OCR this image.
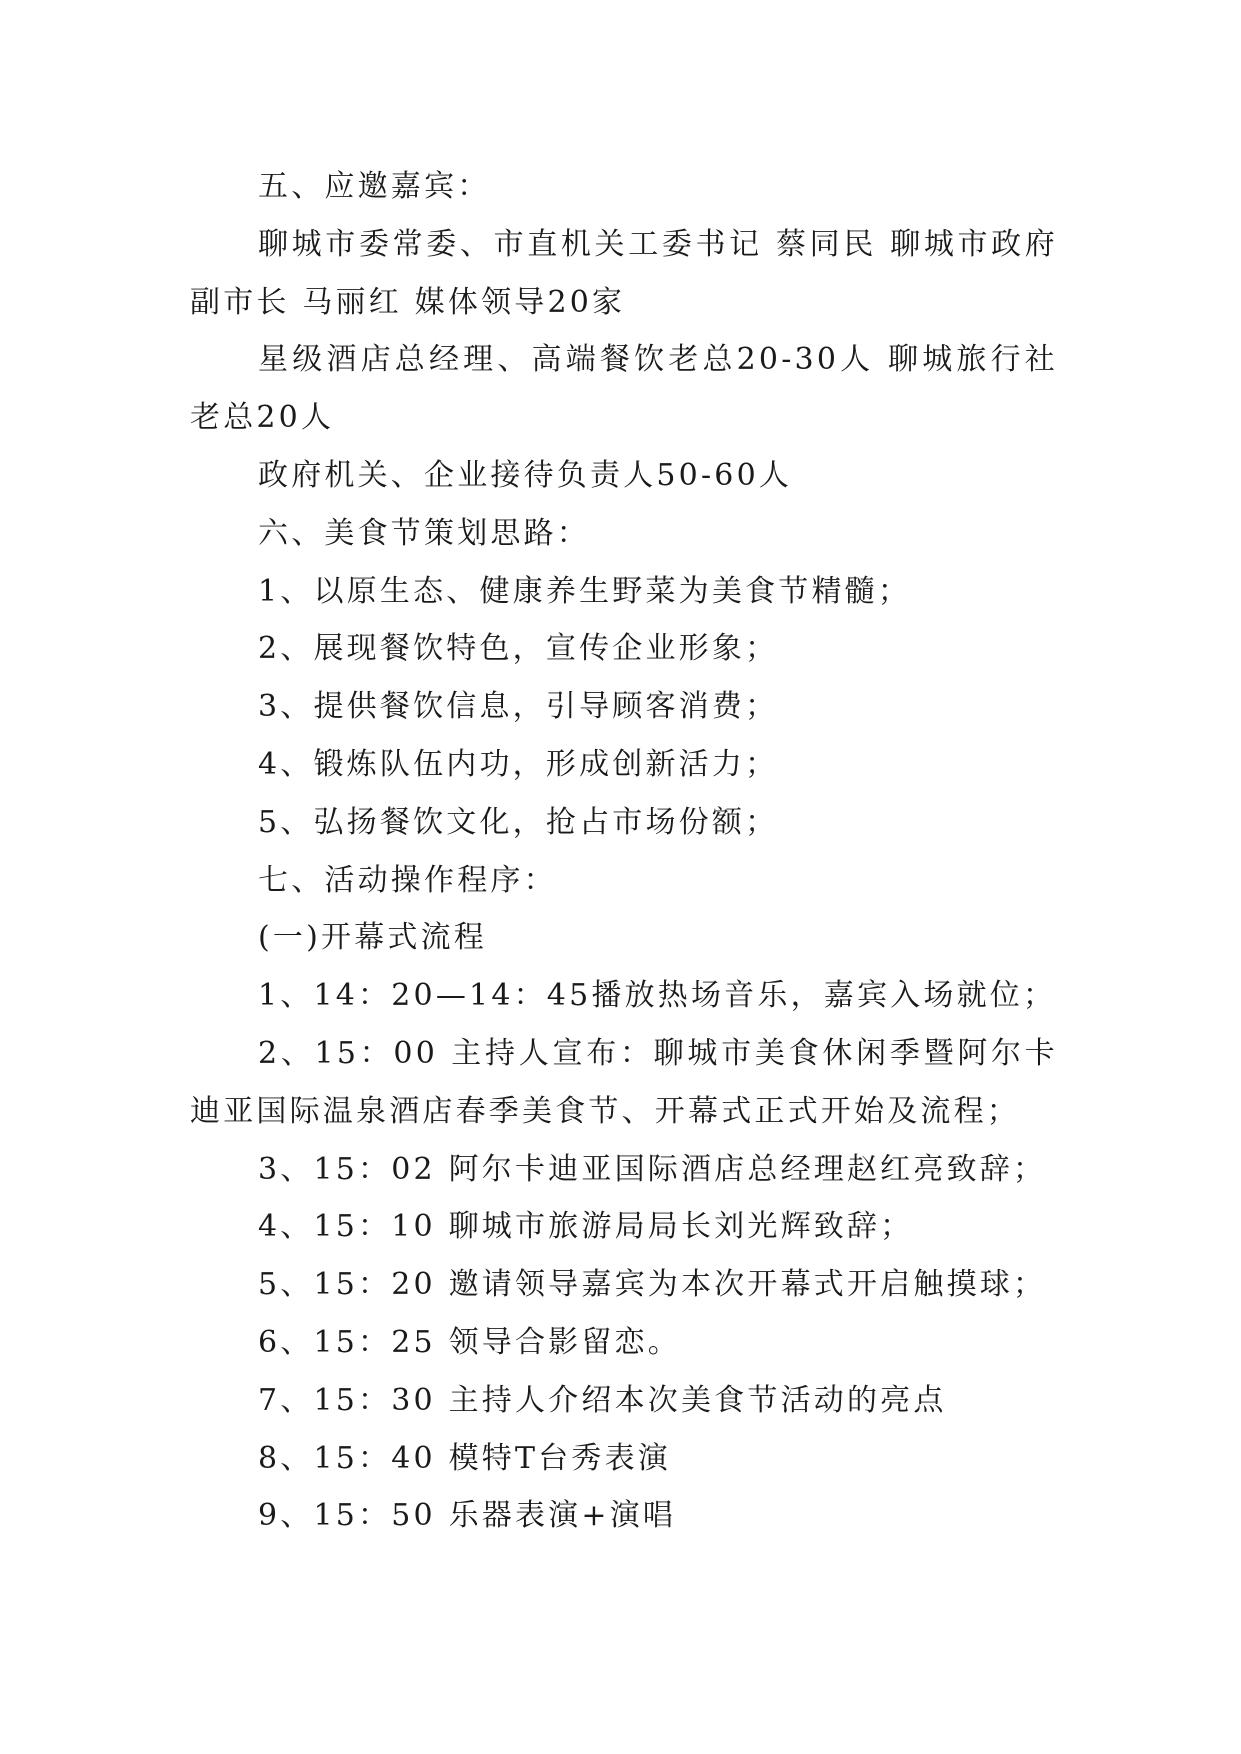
五、应邀嘉宾：

聊城市委常委、市直机关工委书记 蔡同民 聊城市政府副市长 马丽红 媒体领导20家

星级酒店总经理、高端餐饮老总20-30人 聊城旅行社老总20人

政府机关、企业接待负责人50-60人

六、美食节策划思路：

1、以原生态、健康养生野菜为美食节精髓；

2、展现餐饮特色，宣传企业形象；

3、提供餐饮信息，引导顾客消费；

4、锻炼队伍内功，形成创新活力；

5、弘扬餐饮文化，抢占市场份额；

七、活动操作程序：

(一)开幕式流程

1、14：20—14：45播放热场音乐，嘉宾入场就位；

2、15：00 主持人宣布：聊城市美食休闲季暨阿尔卡迪亚国际温泉酒店春季美食节、开幕式正式开始及流程；

3、15：02 阿尔卡迪亚国际酒店总经理赵红亮致辞；

4、15：10 聊城市旅游局局长刘光辉致辞；

5、15：20 邀请领导嘉宾为本次开幕式开启触摸球；

6、15：25 领导合影留恋。

7、15：30 主持人介绍本次美食节活动的亮点

8、15：40 模特T台秀表演

9、15：50 乐器表演+演唱
